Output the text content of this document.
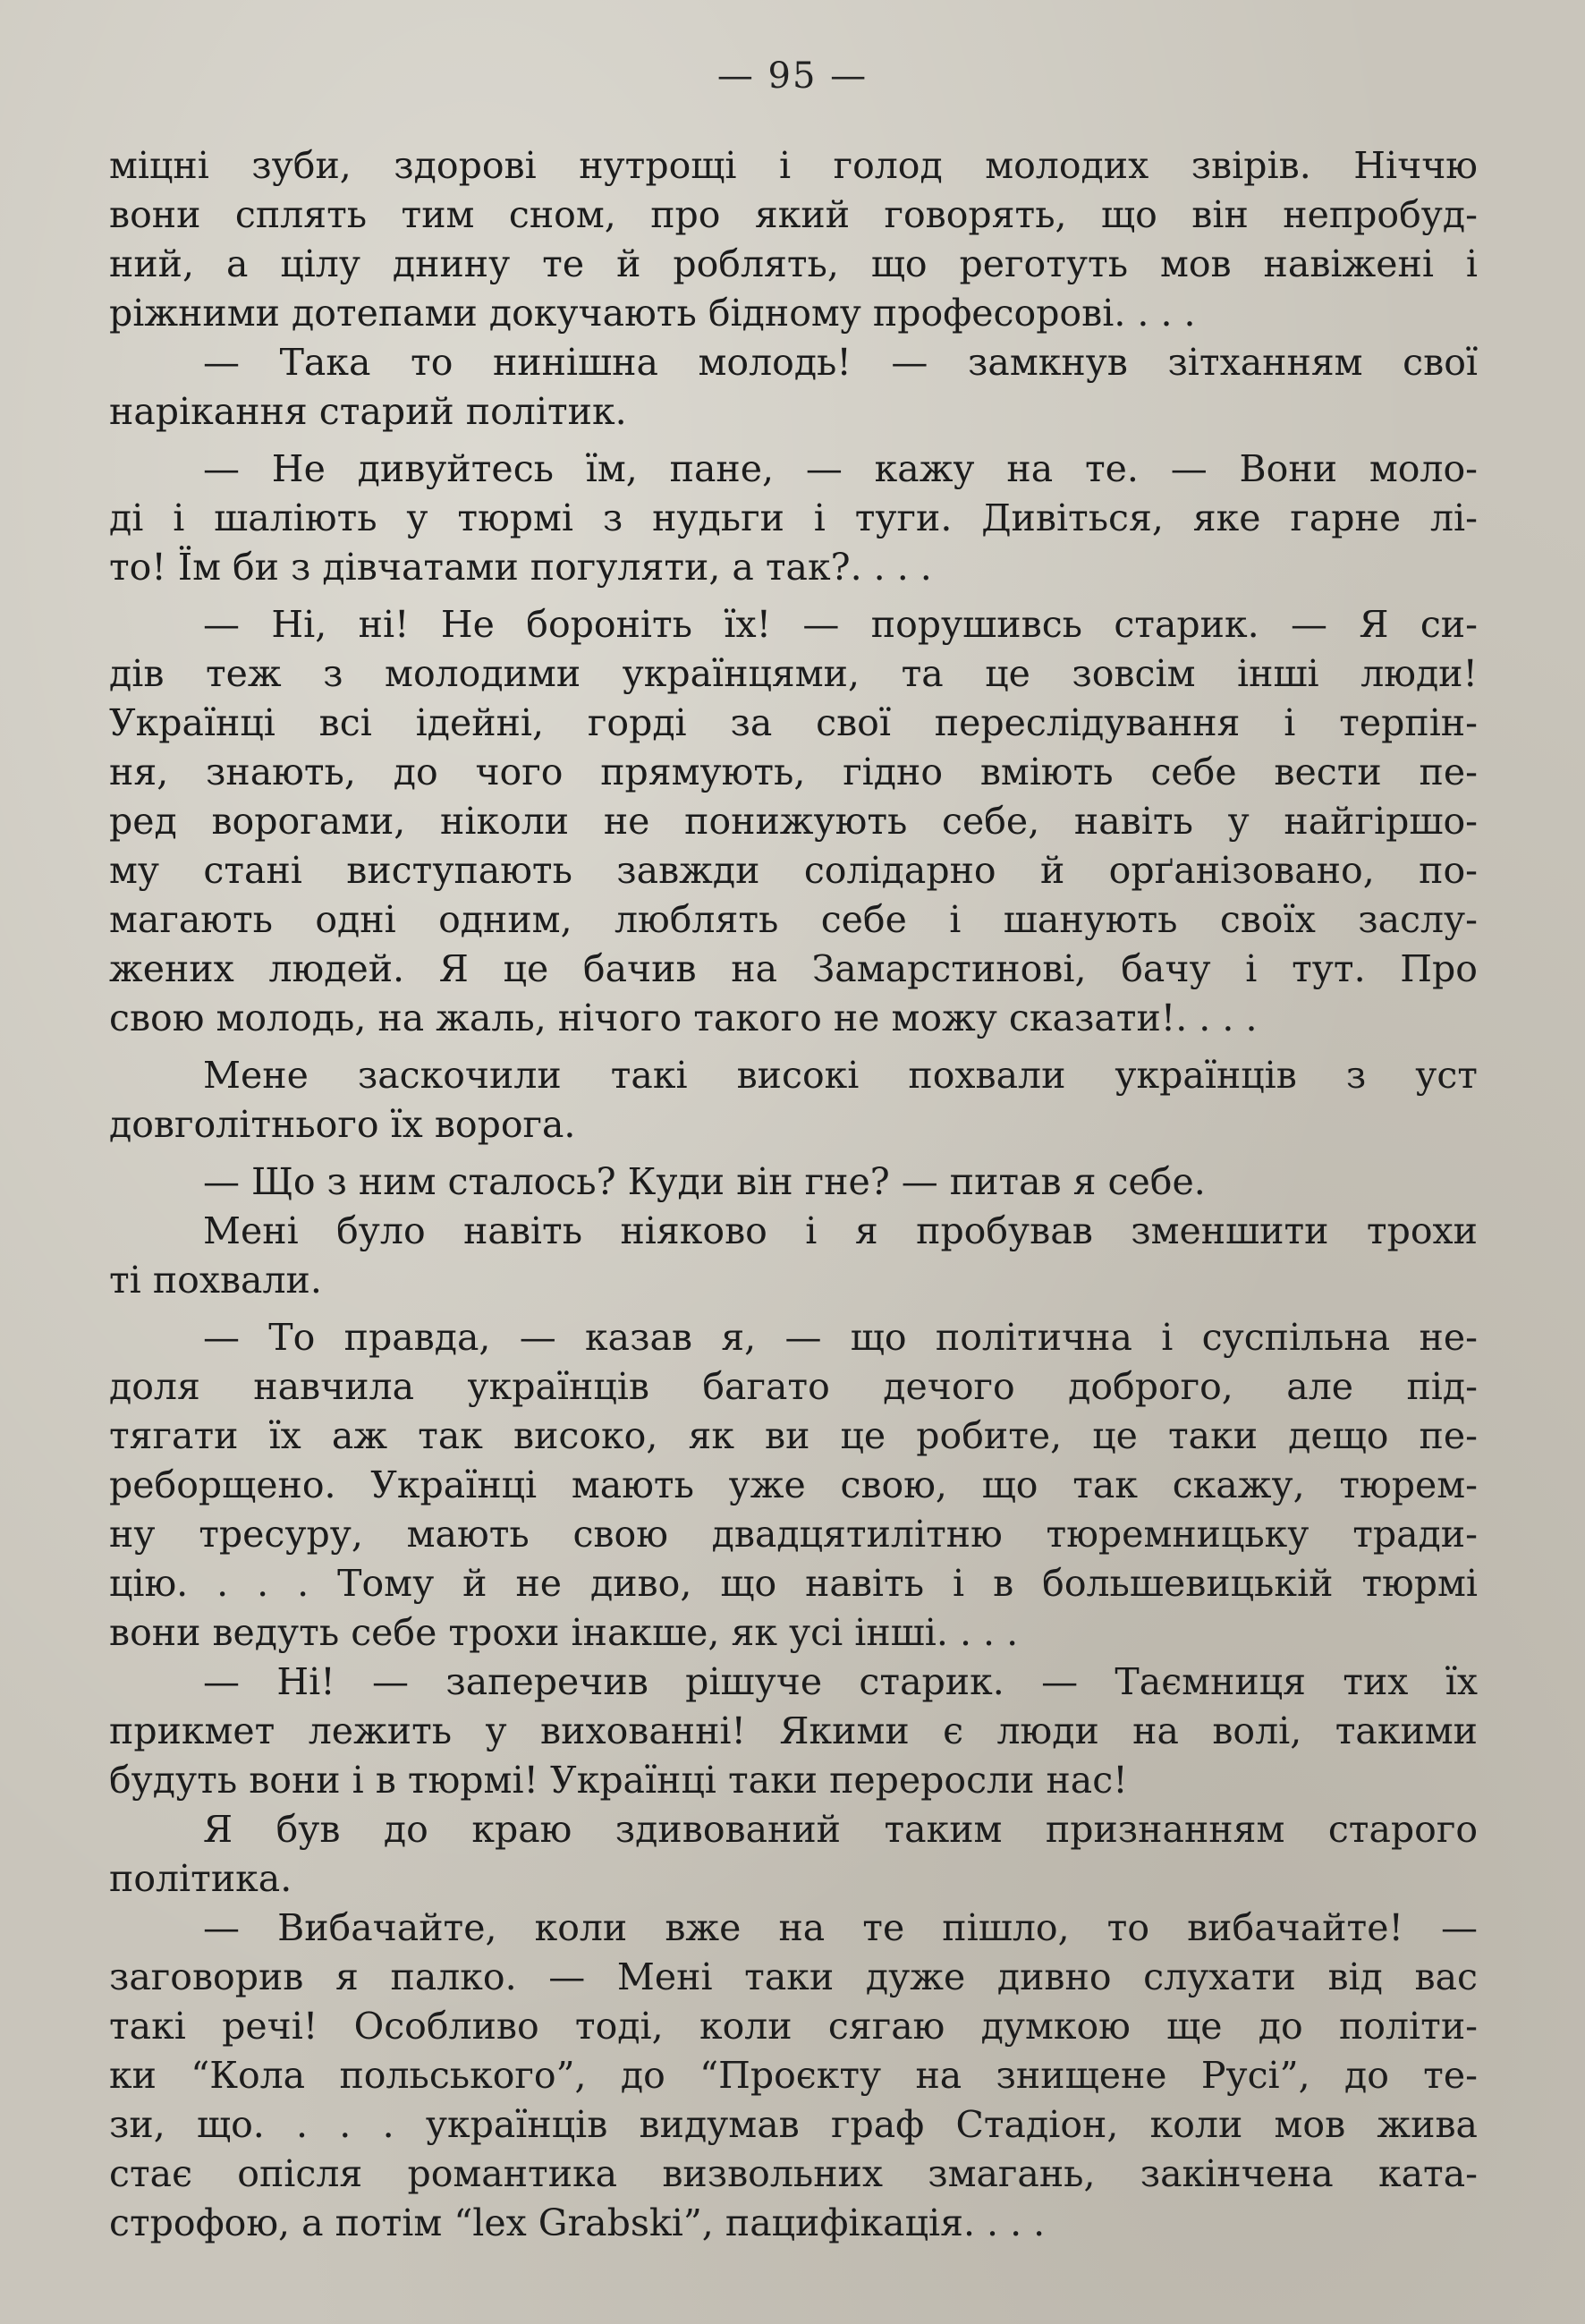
— 95 —
міцні зуби, здорові нутрощі і голод молодих звірів. Ніччю
вони сплять тим сном, про який говорять, що він непробуд-
ний, а цілу днину те й роблять, що реготуть мов навіжені і
ріжними дотепами докучають бідному професорові. . . .
— Така то нинішна молодь! — замкнув зітханням свої
нарікання старий політик.
— Не дивуйтесь їм, пане, — кажу на те. — Вони моло-
ді і шаліють у тюрмі з нудьги і туги. Дивіться, яке гарне лі-
то! Їм би з дівчатами погуляти, а так?. . . .
— Ні, ні! Не бороніть їх! — порушивсь старик. — Я си-
дів теж з молодими українцями, та це зовсім інші люди!
Українці всі ідейні, горді за свої переслідування і терпін-
ня, знають, до чого прямують, гідно вміють себе вести пе-
ред ворогами, ніколи не понижують себе, навіть у найгіршо-
му стані виступають завжди солідарно й орґанізовано, по-
магають одні одним, люблять себе і шанують своїх заслу-
жених людей. Я це бачив на Замарстинові, бачу і тут. Про
свою молодь, на жаль, нічого такого не можу сказати!. . . .
Мене заскочили такі високі похвали українців з уст
довголітнього їх ворога.
— Що з ним сталось? Куди він гне? — питав я себе.
Мені було навіть ніяково і я пробував зменшити трохи
ті похвали.
— То правда, — казав я, — що політична і суспільна не-
доля навчила українців багато дечого доброго, але під-
тягати їх аж так високо, як ви це робите, це таки дещо пе-
реборщено. Українці мають уже свою, що так скажу, тюрем-
ну тресуру, мають свою двадцятилітню тюремницьку тради-
цію. . . . Тому й не диво, що навіть і в большевицькій тюрмі
вони ведуть себе трохи інакше, як усі інші. . . .
— Ні! — заперечив рішуче старик. — Таємниця тих їх
прикмет лежить у вихованні! Якими є люди на волі, такими
будуть вони і в тюрмі! Українці таки переросли нас!
Я був до краю здивований таким признанням старого
політика.
— Вибачайте, коли вже на те пішло, то вибачайте! —
заговорив я палко. — Мені таки дуже дивно слухати від вас
такі речі! Особливо тоді, коли сягаю думкою ще до політи-
ки “Кола польського”, до “Проєкту на знищене Русі”, до те-
зи, що. . . . українців видумав граф Стадіон, коли мов жива
стає опісля романтика визвольних змагань, закінчена ката-
строфою, а потім “lex Grabski”, пацифікація. . . .
